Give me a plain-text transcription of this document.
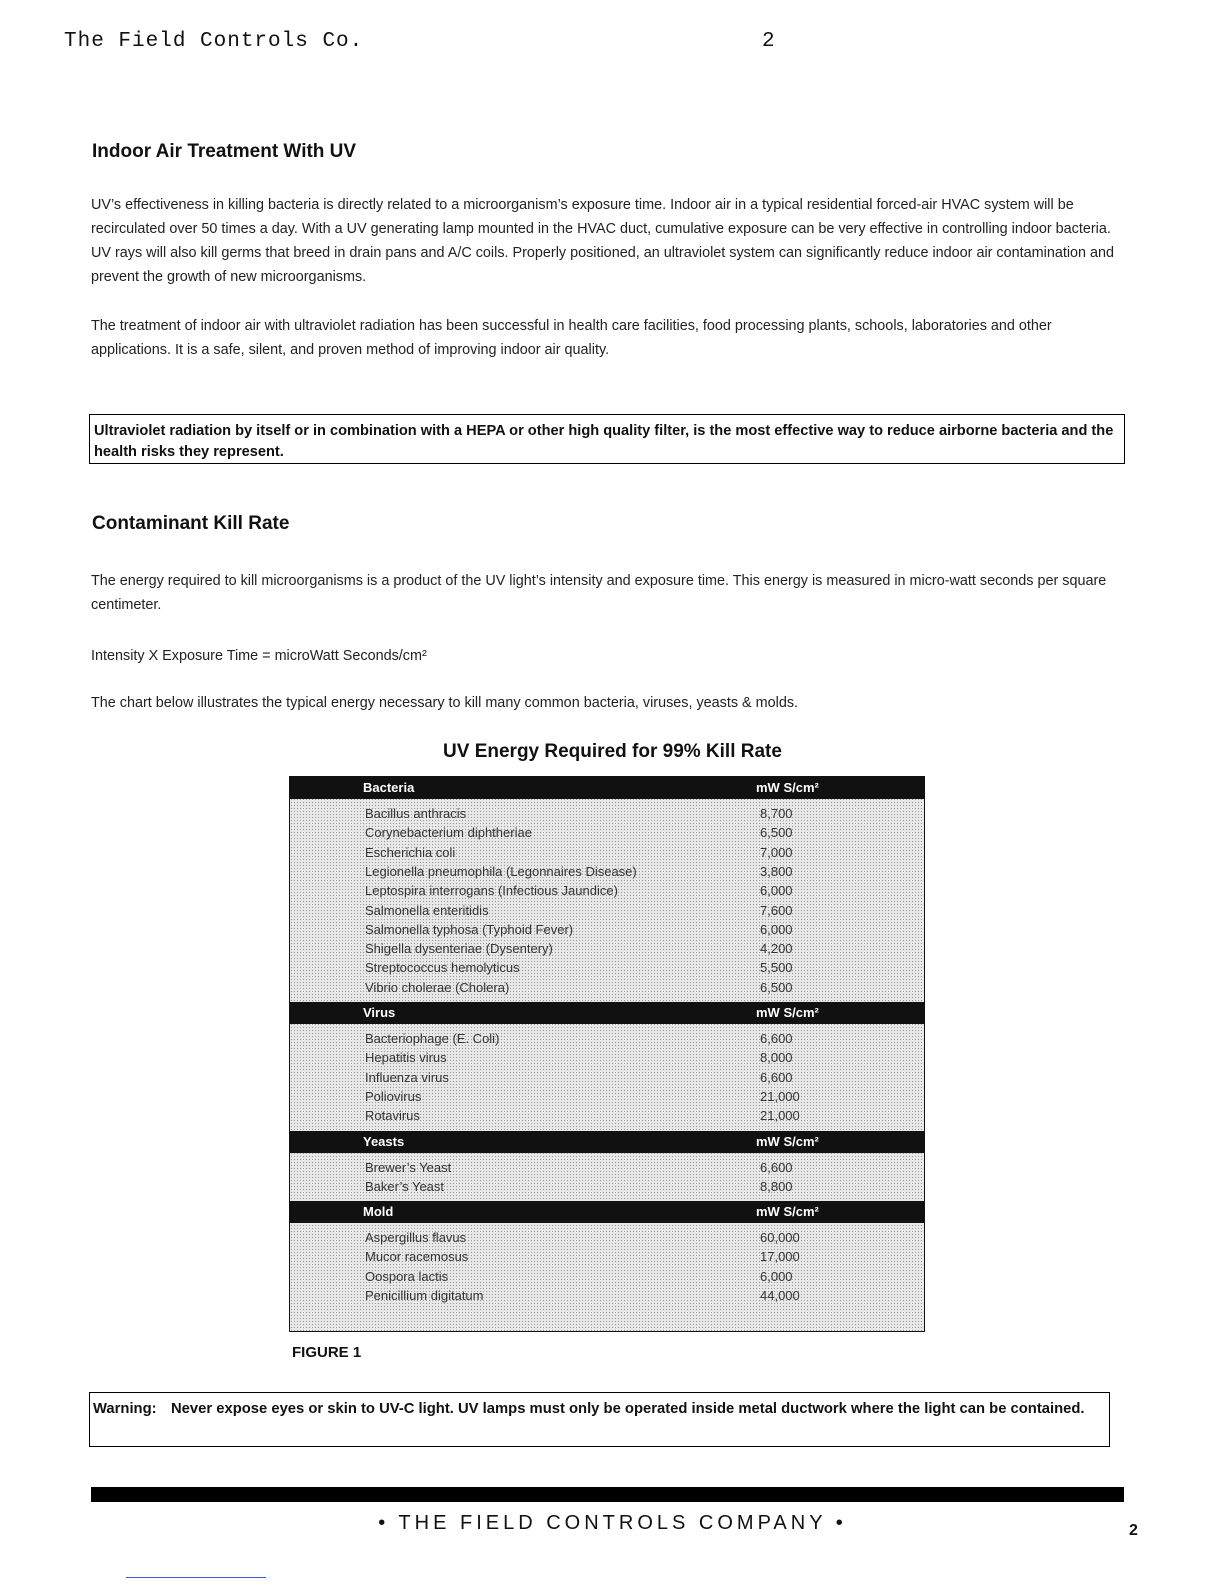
The Field Controls Co.	2
Indoor Air Treatment With UV
UV’s effectiveness in killing bacteria is directly related to a microorganism’s exposure time. Indoor air in a typical residential forced-air HVAC system will be recirculated over 50 times a day. With a UV generating lamp mounted in the HVAC duct, cumulative exposure can be very effective in controlling indoor bacteria. UV rays will also kill germs that breed in drain pans and A/C coils. Properly positioned, an ultraviolet system can significantly reduce indoor air contamination and prevent the growth of new microorganisms.
The treatment of indoor air with ultraviolet radiation has been successful in health care facilities, food processing plants, schools, laboratories and other applications. It is a safe, silent, and proven method of improving indoor air quality.
Ultraviolet radiation by itself or in combination with a HEPA or other high quality filter, is the most effective way to reduce airborne bacteria and the health risks they represent.
Contaminant Kill Rate
The energy required to kill microorganisms is a product of the UV light’s intensity and exposure time. This energy is measured in micro-watt seconds per square centimeter.
Intensity X Exposure Time = microWatt Seconds/cm²
The chart below illustrates the typical energy necessary to kill many common bacteria, viruses, yeasts & molds.
UV Energy Required for 99% Kill Rate
Bacteria	mW S/cm²
Bacillus anthracis	8,700
Corynebacterium diphtheriae	6,500
Escherichia coli	7,000
Legionella pneumophila (Legonnaires Disease)	3,800
Leptospira interrogans (Infectious Jaundice)	6,000
Salmonella enteritidis	7,600
Salmonella typhosa (Typhoid Fever)	6,000
Shigella dysenteriae (Dysentery)	4,200
Streptococcus hemolyticus	5,500
Vibrio cholerae (Cholera)	6,500
Virus	mW S/cm²
Bacteriophage (E. Coli)	6,600
Hepatitis virus	8,000
Influenza virus	6,600
Poliovirus	21,000
Rotavirus	21,000
Yeasts	mW S/cm²
Brewer’s Yeast	6,600
Baker’s Yeast	8,800
Mold	mW S/cm²
Aspergillus flavus	60,000
Mucor racemosus	17,000
Oospora lactis	6,000
Penicillium digitatum	44,000
FIGURE 1
Warning: Never expose eyes or skin to UV-C light. UV lamps must only be operated inside metal ductwork where the light can be contained.
• THE FIELD CONTROLS COMPANY •	2
